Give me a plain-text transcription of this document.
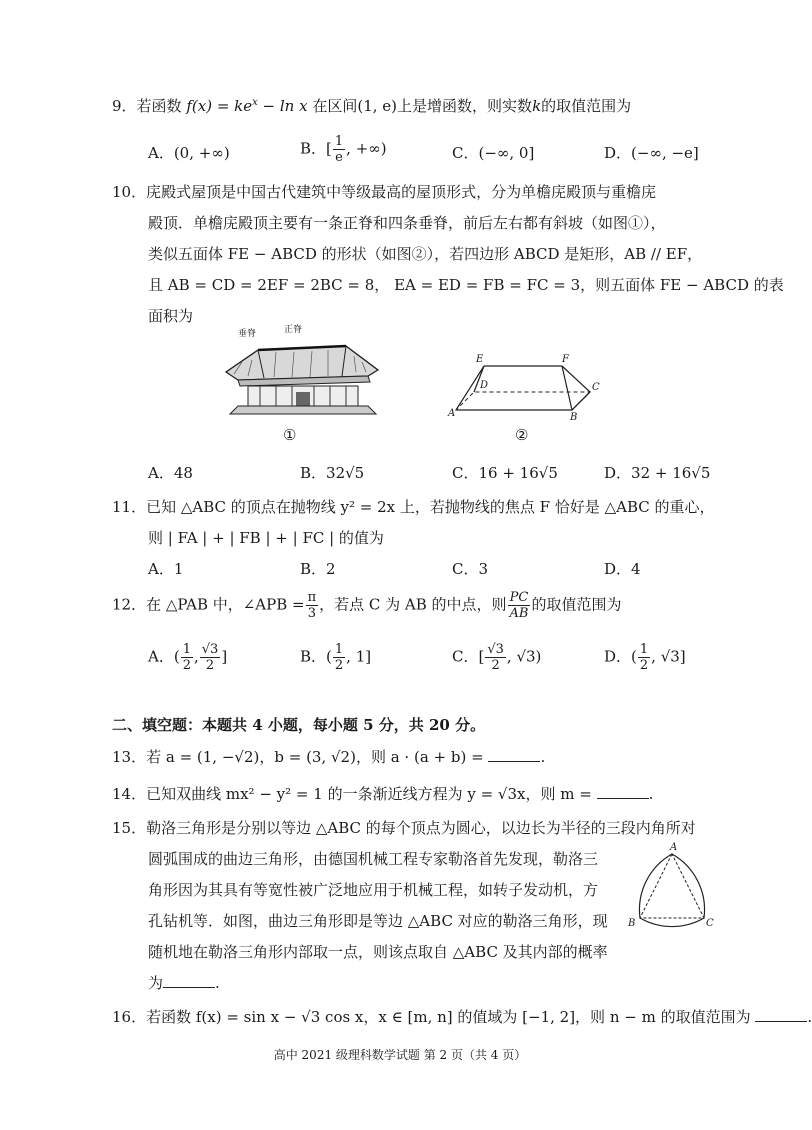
9．若函数 $f(x) = ke^x - \ln x$ 在区间(1, e)上是增函数，则实数k的取值范围为
A．(0, +∞)	B．[ $\frac{1}{e}$ , +∞)	C．(−∞, 0]	D．(−∞, −e]
10．庑殿式屋顶是中国古代建筑中等级最高的屋顶形式，分为单檐庑殿顶与重檐庑
殿顶．单檐庑殿顶主要有一条正脊和四条垂脊，前后左右都有斜坡（如图①），
类似五面体 FE − ABCD 的形状（如图②），若四边形 ABCD 是矩形，AB // EF，
且 AB = CD = 2EF = 2BC = 8， EA = ED = FB = FC = 3，则五面体 FE − ABCD 的表
面积为
垂脊	正脊
①
E	F
D	C
A	B
②
A．48	B．32√5	C．16 + 16√5	D．32 + 16√5
11．已知 △ABC 的顶点在抛物线 y² = 2x 上，若抛物线的焦点 F 恰好是 △ABC 的重心，
则 | FA | + | FB | + | FC | 的值为
A．1	B．2	C．3	D．4
12．在 △PAB 中，∠APB = $\frac{\pi}{3}$ ，若点 C 为 AB 的中点，则 $\frac{PC}{AB}$ 的取值范围为
A．( $\frac{1}{2}$ , $\frac{√3}{2}$ ]	B．( $\frac{1}{2}$ , 1]	C．[ $\frac{√3}{2}$ , √3)	D．( $\frac{1}{2}$ , √3]
二、填空题：本题共 4 小题，每小题 5 分，共 20 分。
13．若 a = (1, −√2)，b = (3, √2)，则 a · (a + b) =	.
14．已知双曲线 mx² − y² = 1 的一条渐近线方程为 y = √3x，则 m =	.
15．勒洛三角形是分别以等边 △ABC 的每个顶点为圆心，以边长为半径的三段内角所对
圆弧围成的曲边三角形，由德国机械工程专家勒洛首先发现，勒洛三
角形因为其具有等宽性被广泛地应用于机械工程，如转子发动机，方
孔钻机等．如图，曲边三角形即是等边 △ABC 对应的勒洛三角形，现
随机地在勒洛三角形内部取一点，则该点取自 △ABC 及其内部的概率
为	.
A
B	C
16．若函数 f(x) = sin x − √3 cos x，x ∈ [m, n] 的值域为 [−1, 2]，则 n − m 的取值范围为	.
高中 2021 级理科数学试题 第 2 页（共 4 页）
